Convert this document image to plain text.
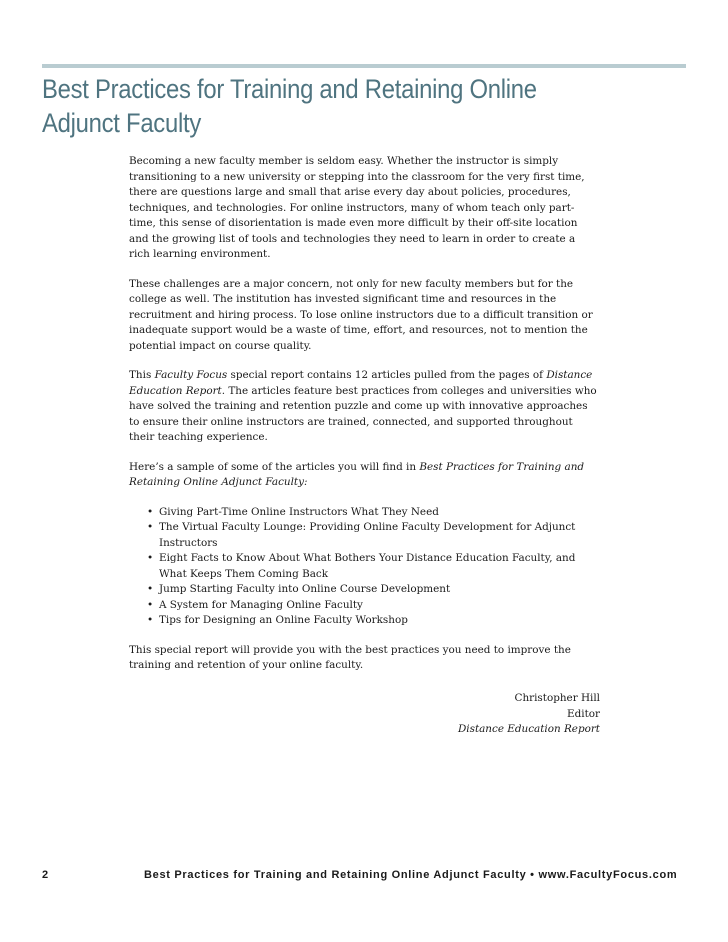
Best Practices for Training and Retaining Online Adjunct Faculty

Becoming a new faculty member is seldom easy. Whether the instructor is simply transitioning to a new university or stepping into the classroom for the very first time, there are questions large and small that arise every day about policies, procedures, techniques, and technologies. For online instructors, many of whom teach only part-time, this sense of disorientation is made even more difficult by their off-site location and the growing list of tools and technologies they need to learn in order to create a rich learning environment.

These challenges are a major concern, not only for new faculty members but for the college as well. The institution has invested significant time and resources in the recruitment and hiring process. To lose online instructors due to a difficult transition or inadequate support would be a waste of time, effort, and resources, not to mention the potential impact on course quality.

This Faculty Focus special report contains 12 articles pulled from the pages of Distance Education Report. The articles feature best practices from colleges and universities who have solved the training and retention puzzle and come up with innovative approaches to ensure their online instructors are trained, connected, and supported throughout their teaching experience.

Here’s a sample of some of the articles you will find in Best Practices for Training and Retaining Online Adjunct Faculty:

• Giving Part-Time Online Instructors What They Need
• The Virtual Faculty Lounge: Providing Online Faculty Development for Adjunct Instructors
• Eight Facts to Know About What Bothers Your Distance Education Faculty, and What Keeps Them Coming Back
• Jump Starting Faculty into Online Course Development
• A System for Managing Online Faculty
• Tips for Designing an Online Faculty Workshop

This special report will provide you with the best practices you need to improve the training and retention of your online faculty.

Christopher Hill
Editor
Distance Education Report
2	Best Practices for Training and Retaining Online Adjunct Faculty • www.FacultyFocus.com
